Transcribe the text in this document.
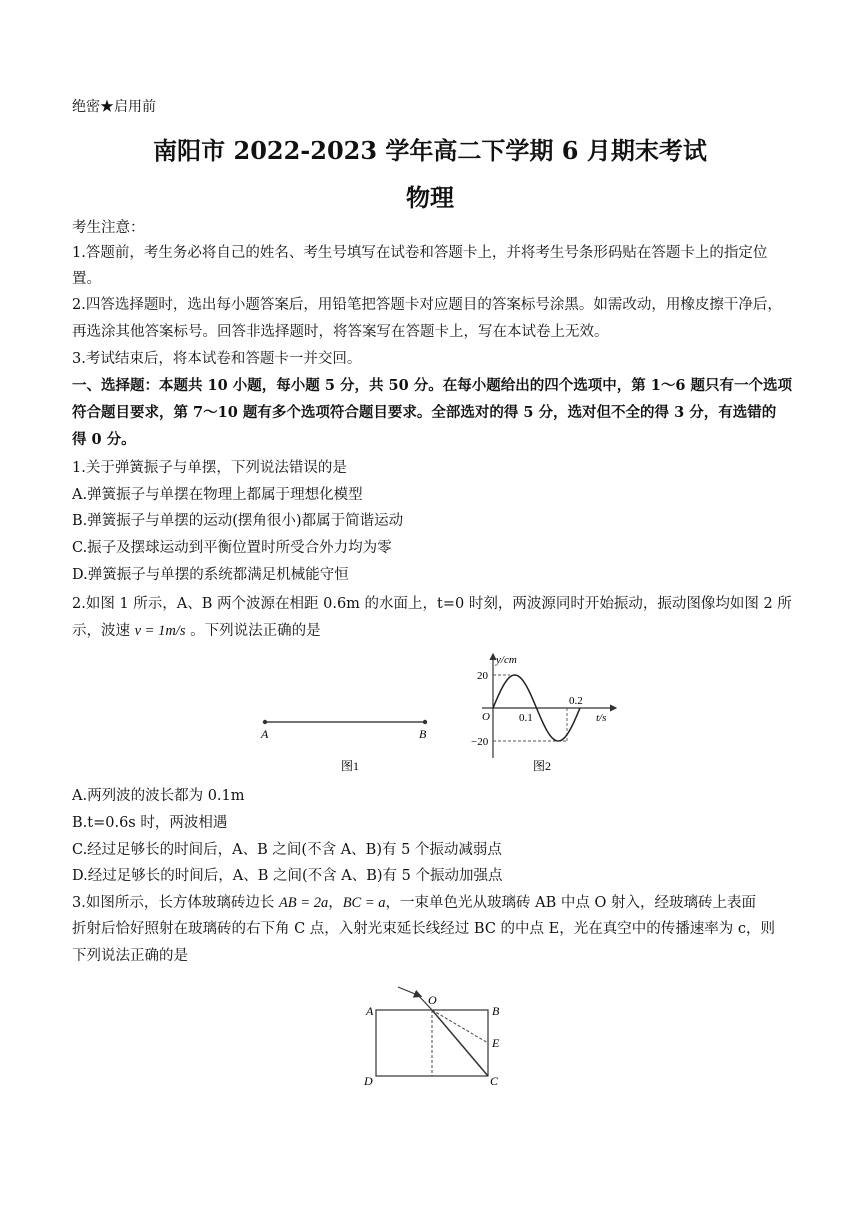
绝密★启用前
南阳市 2022-2023 学年高二下学期 6 月期末考试
物理
考生注意：
1.答题前，考生务必将自己的姓名、考生号填写在试卷和答题卡上，并将考生号条形码贴在答题卡上的指定位
置。
2.四答选择题时，选出每小题答案后，用铅笔把答题卡对应题目的答案标号涂黑。如需改动，用橡皮擦干净后，
再选涂其他答案标号。回答非选择题时，将答案写在答题卡上，写在本试卷上无效。
3.考试结束后，将本试卷和答题卡一并交回。
一、选择题：本题共 10 小题，每小题 5 分，共 50 分。在每小题给出的四个选项中，第 1～6 题只有一个选项
符合题目要求，第 7～10 题有多个选项符合题目要求。全部选对的得 5 分，选对但不全的得 3 分，有选错的
得 0 分。
1.关于弹簧振子与单摆，下列说法错误的是
A.弹簧振子与单摆在物理上都属于理想化模型
B.弹簧振子与单摆的运动(摆角很小)都属于简谐运动
C.振子及摆球运动到平衡位置时所受合外力均为零
D.弹簧振子与单摆的系统都满足机械能守恒
2.如图 1 所示，A、B 两个波源在相距 0.6m 的水面上，t=0 时刻，两波源同时开始振动，振动图像均如图 2 所
示，波速 v = 1m/s 。下列说法正确的是
A	B
图1
y/cm
t/s
20
−20
O	0.1
0.2
图2
A.两列波的波长都为 0.1m
B.t=0.6s 时，两波相遇
C.经过足够长的时间后，A、B 之间(不含 A、B)有 5 个振动减弱点
D.经过足够长的时间后，A、B 之间(不含 A、B)有 5 个振动加强点
3.如图所示，长方体玻璃砖边长 AB = 2a，BC = a，一束单色光从玻璃砖 AB 中点 O 射入，经玻璃砖上表面
折射后恰好照射在玻璃砖的右下角 C 点，入射光束延长线经过 BC 的中点 E，光在真空中的传播速率为 c，则
下列说法正确的是
A	B
E
C
D
O
